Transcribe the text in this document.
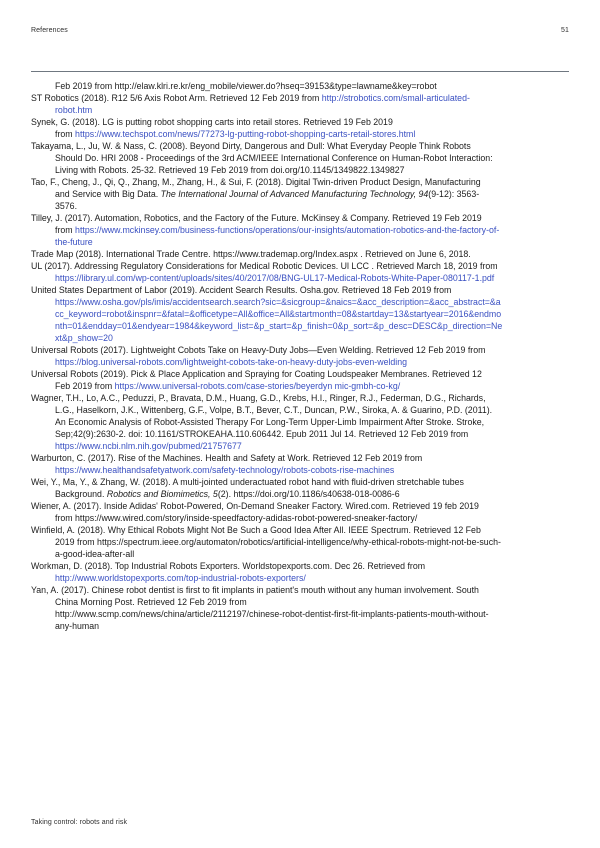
References	51

Feb 2019 from http://elaw.klri.re.kr/eng_mobile/viewer.do?hseq=39153&type=lawname&key=robot

ST Robotics (2018). R12 5/6 Axis Robot Arm. Retrieved 12 Feb 2019 from http://strobotics.com/small-articulated-
robot.htm

Synek, G. (2018). LG is putting robot shopping carts into retail stores. Retrieved 19 Feb 2019
from https://www.techspot.com/news/77273-lg-putting-robot-shopping-carts-retail-stores.html

Takayama, L., Ju, W. & Nass, C. (2008). Beyond Dirty, Dangerous and Dull: What Everyday People Think Robots
Should Do. HRI 2008 - Proceedings of the 3rd ACM/IEEE International Conference on Human-Robot Interaction:
Living with Robots. 25-32. Retrieved 19 Feb 2019 from doi.org/10.1145/1349822.1349827

Tao, F., Cheng, J., Qi, Q., Zhang, M., Zhang, H., & Sui, F. (2018). Digital Twin-driven Product Design, Manufacturing
and Service with Big Data. The International Journal of Advanced Manufacturing Technology, 94(9-12): 3563-
3576.

Tilley, J. (2017). Automation, Robotics, and the Factory of the Future. McKinsey & Company. Retrieved 19 Feb 2019
from https://www.mckinsey.com/business-functions/operations/our-insights/automation-robotics-and-the-factory-of-
the-future

Trade Map (2018). International Trade Centre. https://www.trademap.org/Index.aspx . Retrieved on June 6, 2018.

UL (2017). Addressing Regulatory Considerations for Medical Robotic Devices. Ul LCC . Retrieved March 18, 2019 from
https://library.ul.com/wp-content/uploads/sites/40/2017/08/BNG-UL17-Medical-Robots-White-Paper-080117-1.pdf

United States Department of Labor (2019). Accident Search Results. Osha.gov. Retrieved 18 Feb 2019 from
https://www.osha.gov/pls/imis/accidentsearch.search?sic=&sicgroup=&naics=&acc_description=&acc_abstract=&a
cc_keyword=robot&inspnr=&fatal=&officetype=All&office=All&startmonth=08&startday=13&startyear=2016&endmo
nth=01&endday=01&endyear=1984&keyword_list=&p_start=&p_finish=0&p_sort=&p_desc=DESC&p_direction=Ne
xt&p_show=20

Universal Robots (2017). Lightweight Cobots Take on Heavy-Duty Jobs—Even Welding. Retrieved 12 Feb 2019 from
https://blog.universal-robots.com/lightweight-cobots-take-on-heavy-duty-jobs-even-welding

Universal Robots (2019). Pick & Place Application and Spraying for Coating Loudspeaker Membranes. Retrieved 12
Feb 2019 from https://www.universal-robots.com/case-stories/beyerdyn mic-gmbh-co-kg/

Wagner, T.H., Lo, A.C., Peduzzi, P., Bravata, D.M., Huang, G.D., Krebs, H.I., Ringer, R.J., Federman, D.G., Richards,
L.G., Haselkorn, J.K., Wittenberg, G.F., Volpe, B.T., Bever, C.T., Duncan, P.W., Siroka, A. & Guarino, P.D. (2011).
An Economic Analysis of Robot-Assisted Therapy For Long-Term Upper-Limb Impairment After Stroke. Stroke,
Sep;42(9):2630-2. doi: 10.1161/STROKEAHA.110.606442. Epub 2011 Jul 14. Retrieved 12 Feb 2019 from
https://www.ncbi.nlm.nih.gov/pubmed/21757677

Warburton, C. (2017). Rise of the Machines. Health and Safety at Work. Retrieved 12 Feb 2019 from
https://www.healthandsafetyatwork.com/safety-technology/robots-cobots-rise-machines

Wei, Y., Ma, Y., & Zhang, W. (2018). A multi-jointed underactuated robot hand with fluid-driven stretchable tubes
Background. Robotics and Biomimetics, 5(2). https://doi.org/10.1186/s40638-018-0086-6

Wiener, A. (2017). Inside Adidas' Robot-Powered, On-Demand Sneaker Factory. Wired.com. Retrieved 19 feb 2019
from https://www.wired.com/story/inside-speedfactory-adidas-robot-powered-sneaker-factory/

Winfield, A. (2018). Why Ethical Robots Might Not Be Such a Good Idea After All. IEEE Spectrum. Retrieved 12 Feb
2019 from https://spectrum.ieee.org/automaton/robotics/artificial-intelligence/why-ethical-robots-might-not-be-such-
a-good-idea-after-all

Workman, D. (2018). Top Industrial Robots Exporters. Worldstopexports.com. Dec 26. Retrieved from
http://www.worldstopexports.com/top-industrial-robots-exporters/

Yan, A. (2017). Chinese robot dentist is first to fit implants in patient's mouth without any human involvement. South
China Morning Post. Retrieved 12 Feb 2019 from
http://www.scmp.com/news/china/article/2112197/chinese-robot-dentist-first-fit-implants-patients-mouth-without-
any-human

Taking control: robots and risk
